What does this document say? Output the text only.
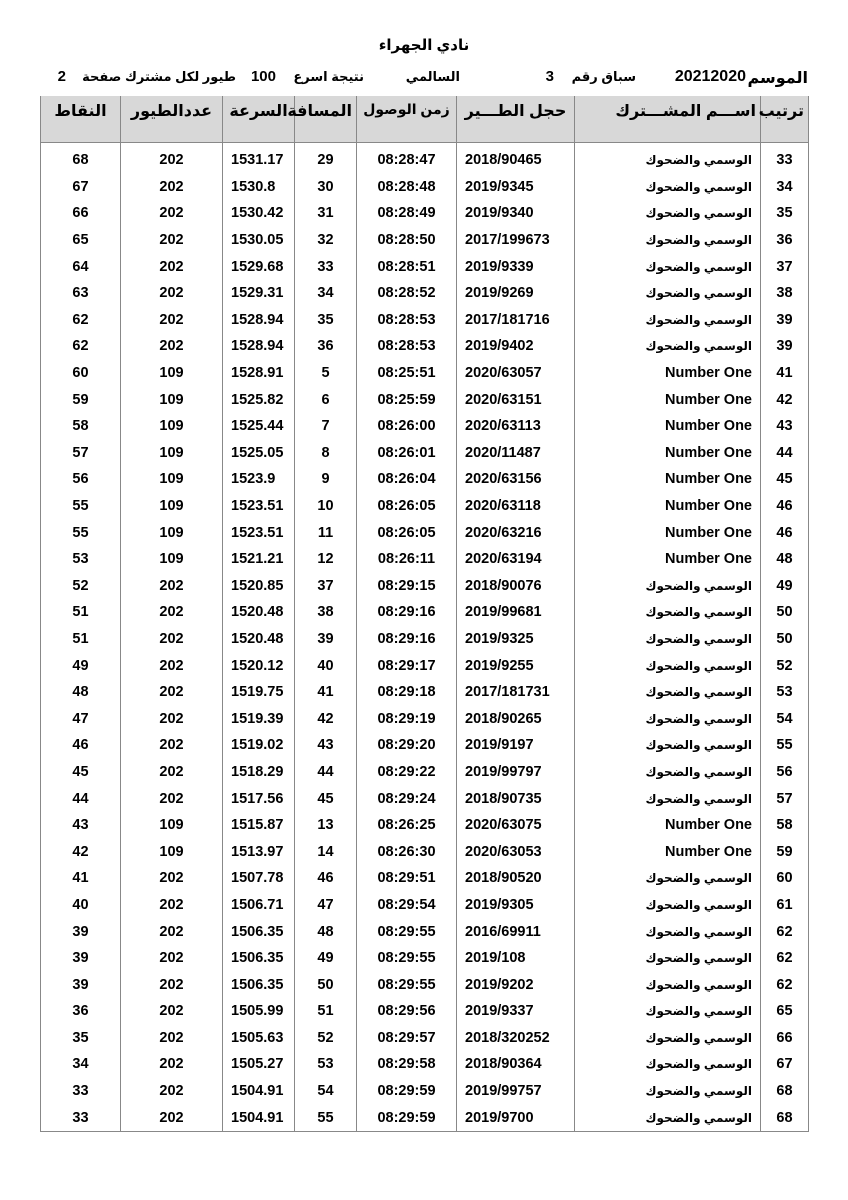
نادي الجهراء
الموسم
20212020
سباق رقم
3
السالمي
نتيجة اسرع
100
طيور لكل مشترك صفحة
2
ترتيب	اســـم المشـــترك	حجل الطـــير	زمن الوصول	المسافة	السرعة	عددالطيور	النقاط

33	الوسمي والضحوك	2018/90465	08:28:47	29	1531.17	202	68
34	الوسمي والضحوك	2019/9345	08:28:48	30	1530.8	202	67
35	الوسمي والضحوك	2019/9340	08:28:49	31	1530.42	202	66
36	الوسمي والضحوك	2017/199673	08:28:50	32	1530.05	202	65
37	الوسمي والضحوك	2019/9339	08:28:51	33	1529.68	202	64
38	الوسمي والضحوك	2019/9269	08:28:52	34	1529.31	202	63
39	الوسمي والضحوك	2017/181716	08:28:53	35	1528.94	202	62
39	الوسمي والضحوك	2019/9402	08:28:53	36	1528.94	202	62
41	Number One	2020/63057	08:25:51	5	1528.91	109	60
42	Number One	2020/63151	08:25:59	6	1525.82	109	59
43	Number One	2020/63113	08:26:00	7	1525.44	109	58
44	Number One	2020/11487	08:26:01	8	1525.05	109	57
45	Number One	2020/63156	08:26:04	9	1523.9	109	56
46	Number One	2020/63118	08:26:05	10	1523.51	109	55
46	Number One	2020/63216	08:26:05	11	1523.51	109	55
48	Number One	2020/63194	08:26:11	12	1521.21	109	53
49	الوسمي والضحوك	2018/90076	08:29:15	37	1520.85	202	52
50	الوسمي والضحوك	2019/99681	08:29:16	38	1520.48	202	51
50	الوسمي والضحوك	2019/9325	08:29:16	39	1520.48	202	51
52	الوسمي والضحوك	2019/9255	08:29:17	40	1520.12	202	49
53	الوسمي والضحوك	2017/181731	08:29:18	41	1519.75	202	48
54	الوسمي والضحوك	2018/90265	08:29:19	42	1519.39	202	47
55	الوسمي والضحوك	2019/9197	08:29:20	43	1519.02	202	46
56	الوسمي والضحوك	2019/99797	08:29:22	44	1518.29	202	45
57	الوسمي والضحوك	2018/90735	08:29:24	45	1517.56	202	44
58	Number One	2020/63075	08:26:25	13	1515.87	109	43
59	Number One	2020/63053	08:26:30	14	1513.97	109	42
60	الوسمي والضحوك	2018/90520	08:29:51	46	1507.78	202	41
61	الوسمي والضحوك	2019/9305	08:29:54	47	1506.71	202	40
62	الوسمي والضحوك	2016/69911	08:29:55	48	1506.35	202	39
62	الوسمي والضحوك	2019/108	08:29:55	49	1506.35	202	39
62	الوسمي والضحوك	2019/9202	08:29:55	50	1506.35	202	39
65	الوسمي والضحوك	2019/9337	08:29:56	51	1505.99	202	36
66	الوسمي والضحوك	2018/320252	08:29:57	52	1505.63	202	35
67	الوسمي والضحوك	2018/90364	08:29:58	53	1505.27	202	34
68	الوسمي والضحوك	2019/99757	08:29:59	54	1504.91	202	33
68	الوسمي والضحوك	2019/9700	08:29:59	55	1504.91	202	33
